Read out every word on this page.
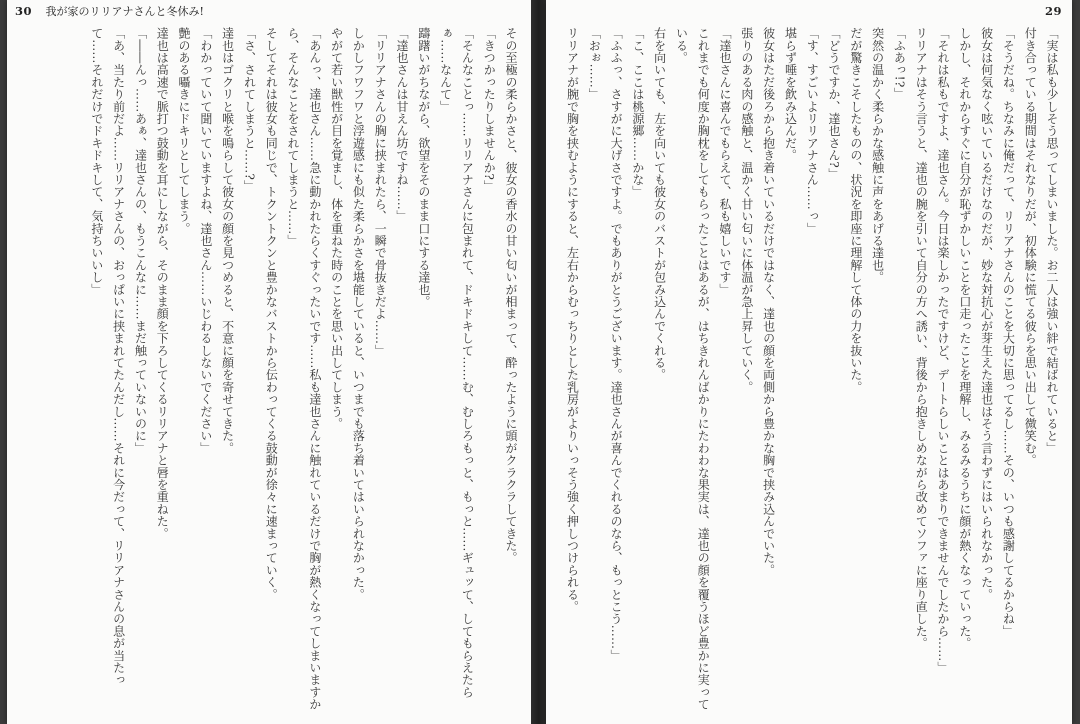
30 我が家のリリアナさんと冬休み!

その至極の柔らかさと、彼女の香水の甘い匂いが相まって、酔ったように頭がクラクラしてきた。

「きつかったりしませんか?」

「そんなことっ……リリアナさんに包まれて、ドキドキして……む、むしろもっと、もっと……ギュッて、してもらえたらぁ……なんて」

躊躇いがちながら、欲望をそのまま口にする達也。

「達也さんは甘えん坊ですね……」

「リリアナさんの胸に挟まれたら、一瞬で骨抜きだよ……」

しかしフワフワと浮遊感にも似た柔らかさを堪能していると、いつまでも落ち着いてはいられなかった。

やがて若い獣性が目を覚まし、体を重ねた時のことを思い出してしまう。

「あんっ、達也さん……急に動かれたらくすぐったいです……私も達也さんに触れているだけで胸が熱くなってしまいますから、そんなことをされてしまうと……」

そしてそれは彼女も同じで、トクントクンと豊かなバストから伝わってくる鼓動が徐々に速まっていく。

「さ、されてしまうと……?」

達也はゴクリと喉を鳴らして彼女の顔を見つめると、不意に顔を寄せてきた。

「わかっていて聞いていますよね、達也さん……いじわるしないでください」

艶のある囁きにドキリとしてしまう。

達也は高速で脈打つ鼓動を耳にしながら、そのまま顔を下ろしてくるリリアナと唇を重ねた。

「――んっ……あぁ、達也さんの、もうこんなに……まだ触っていないのに」

「あ、当たり前だよ……リリアナさんの、おっぱいに挟まれてたんだし……それに今だって、リリアナさんの息が当たって……それだけでドキドキして、気持ちいいし」

29

「実は私も少しそう思ってしまいました。お二人は強い絆で結ばれていると」

付き合っている期間はそれなりだが、初体験に慌てる彼らを思い出して微笑む。

「そうだね。ちなみに俺だって、リリアナさんのことを大切に思ってるし……その、いつも感謝してるからね」

彼女は何気なく呟いているだけなのだが、妙な対抗心が芽生えた達也はそう言わずにはいられなかった。

しかし、それからすぐに自分が恥ずかしいことを口走ったことを理解し、みるみるうちに顔が熱くなっていった。

「それは私もですよ、達也さん。今日は楽しかったですけど、デートらしいことはあまりできませんでしたから……」

リリアナはそう言うと、達也の腕を引いて自分の方へ誘い、背後から抱きしめながら改めてソファに座り直した。

「ふあっ!?」

突然の温かく柔らかな感触に声をあげる達也。

だが驚きこそしたものの、状況を即座に理解して体の力を抜いた。

「どうですか、達也さん?」

「す、すごいよリリアナさん……っ」

堪らず唾を飲み込んだ。

彼女はただ後ろから抱き着いているだけではなく、達也の顔を両側から豊かな胸で挟み込んでいた。

張りのある肉の感触と、温かく甘い匂いに体温が急上昇していく。

「達也さんに喜んでもらえて、私も嬉しいです」

これまでも何度か胸枕をしてもらったことはあるが、はちきれんばかりにたわわな果実は、達也の顔を覆うほど豊かに実っている。

右を向いても、左を向いても彼女のバストが包み込んでくれる。

「こ、ここは桃源郷……かな」

「ふふっ、さすがに大げさですよ。でもありがとうございます。達也さんが喜んでくれるのなら、もっとこう……」

「おぉ……」

リリアナが腕で胸を挟むようにすると、左右からむっちりとした乳房がよりいっそう強く押しつけられる。
